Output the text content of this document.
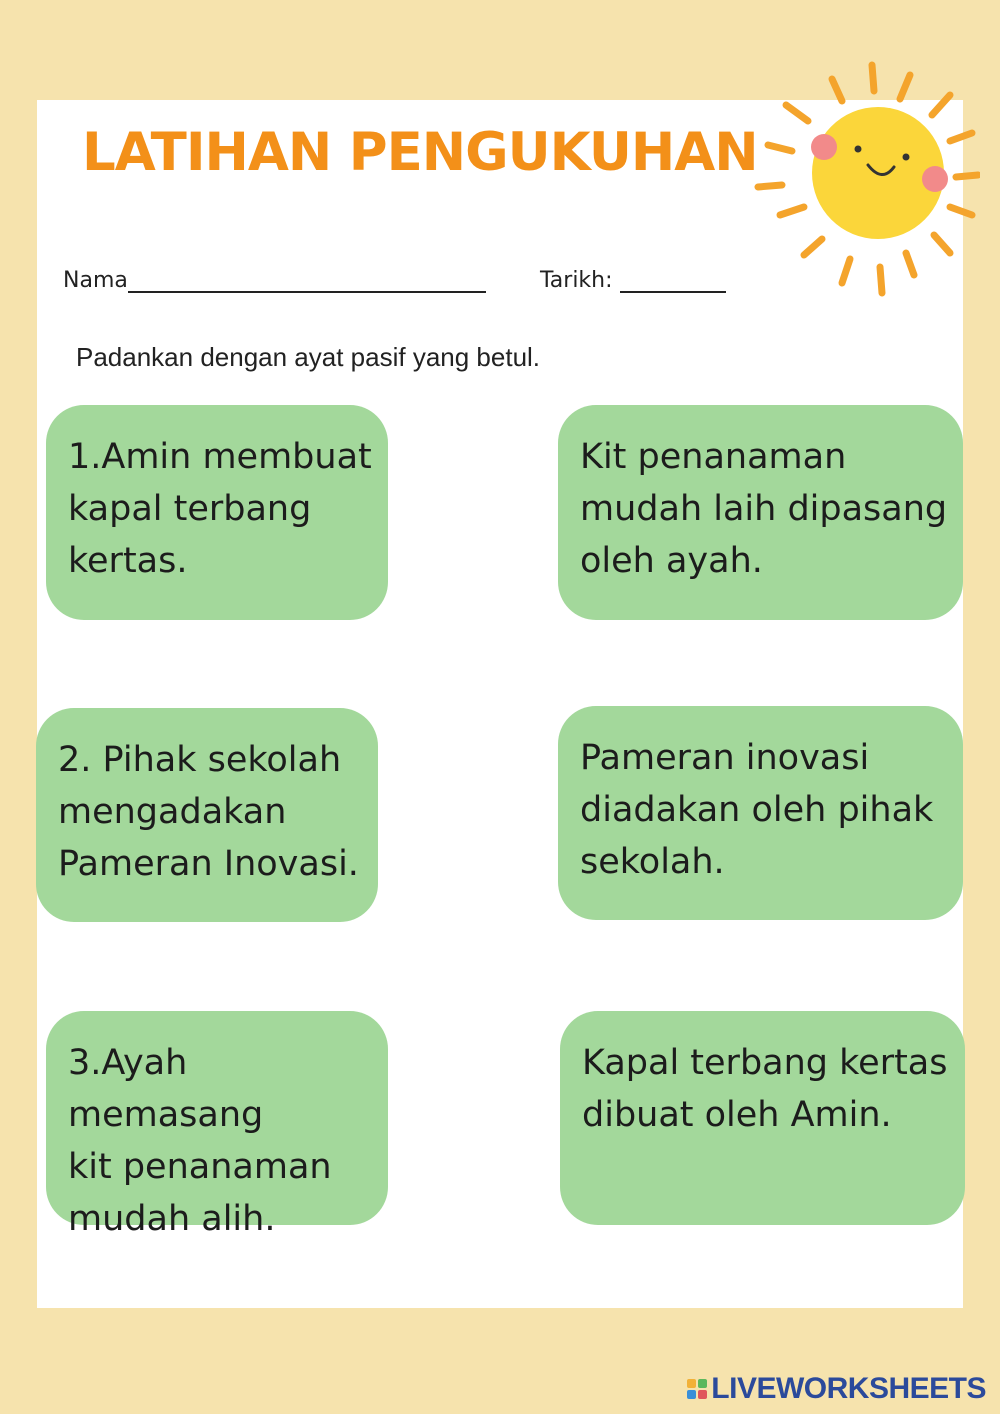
LATIHAN PENGUKUHAN
Nama	Tarikh:
Padankan dengan ayat pasif yang betul.
1.Amin membuat
kapal terbang
kertas.
2. Pihak sekolah
mengadakan
Pameran Inovasi.
3.Ayah memasang
kit penanaman
mudah alih.
Kit penanaman
mudah laih dipasang
oleh ayah.
Pameran inovasi
diadakan oleh pihak
sekolah.
Kapal terbang kertas
dibuat oleh Amin.
LIVEWORKSHEETS
